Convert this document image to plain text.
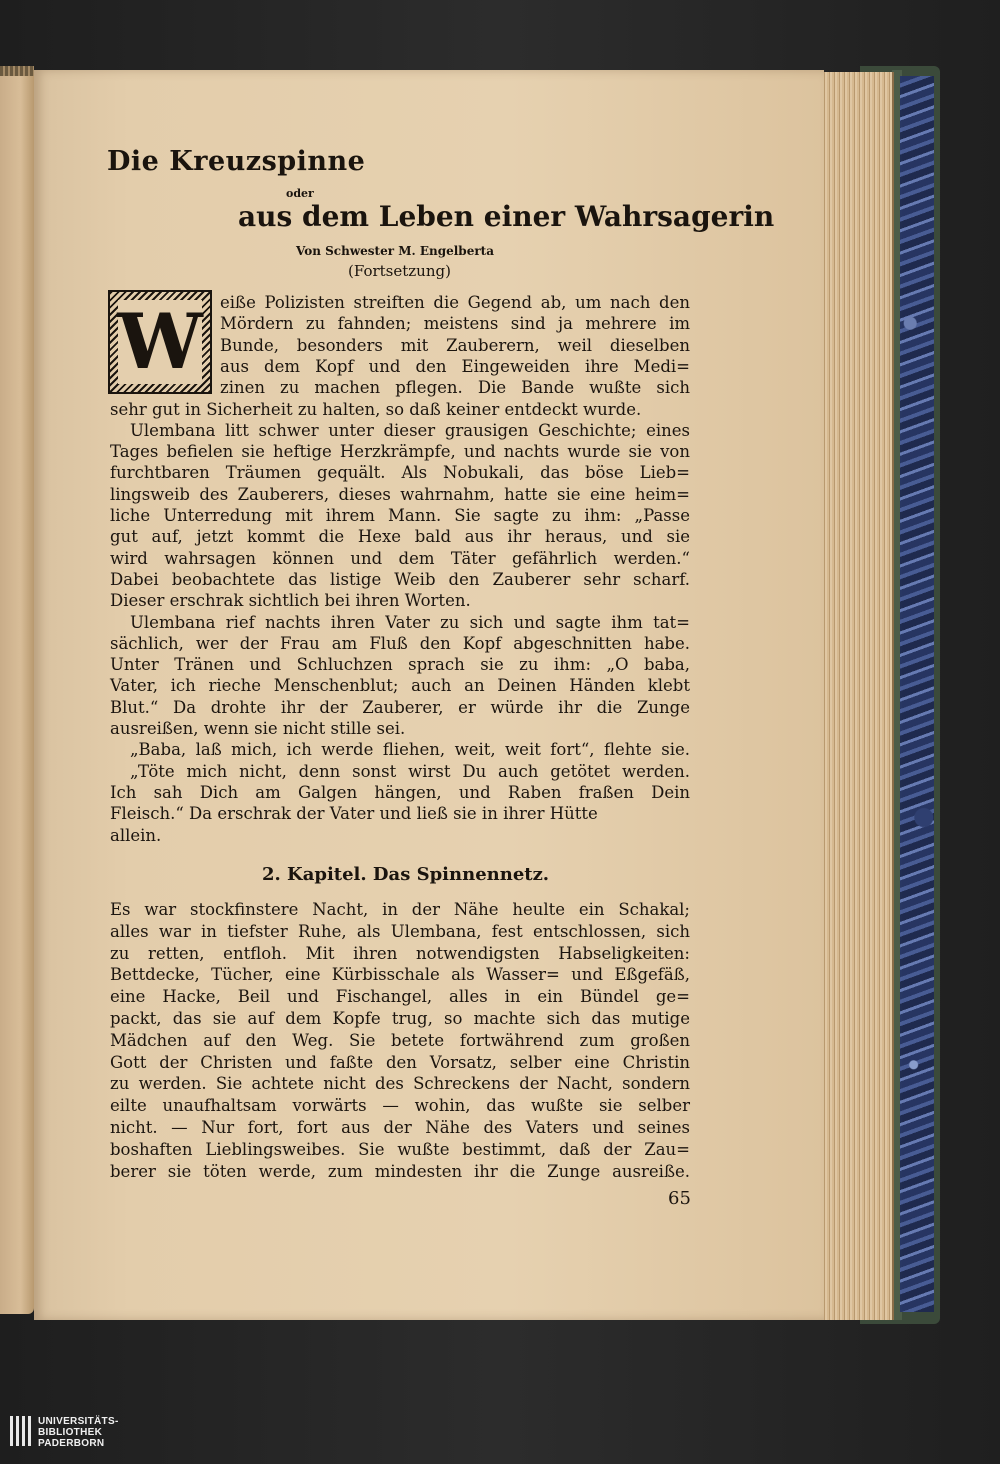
Die Kreuzspinne
oder
aus dem Leben einer Wahrsagerin
Von Schwester M. Engelberta
(Fortsetzung)
W eiße Polizisten streiften die Gegend ab, um nach den
Mördern zu fahnden; meistens sind ja mehrere im
Bunde, besonders mit Zauberern, weil dieselben
aus dem Kopf und den Eingeweiden ihre Medi=
zinen zu machen pflegen. Die Bande wußte sich
sehr gut in Sicherheit zu halten, so daß keiner entdeckt wurde.
Ulembana litt schwer unter dieser grausigen Geschichte; eines
Tages befielen sie heftige Herzkrämpfe, und nachts wurde sie von
furchtbaren Träumen gequält. Als Nobukali, das böse Lieb=
lingsweib des Zauberers, dieses wahrnahm, hatte sie eine heim=
liche Unterredung mit ihrem Mann. Sie sagte zu ihm: „Passe
gut auf, jetzt kommt die Hexe bald aus ihr heraus, und sie
wird wahrsagen können und dem Täter gefährlich werden.“
Dabei beobachtete das listige Weib den Zauberer sehr scharf.
Dieser erschrak sichtlich bei ihren Worten.
Ulembana rief nachts ihren Vater zu sich und sagte ihm tat=
sächlich, wer der Frau am Fluß den Kopf abgeschnitten habe.
Unter Tränen und Schluchzen sprach sie zu ihm: „O baba,
Vater, ich rieche Menschenblut; auch an Deinen Händen klebt
Blut.“ Da drohte ihr der Zauberer, er würde ihr die Zunge
ausreißen, wenn sie nicht stille sei.
„Baba, laß mich, ich werde fliehen, weit, weit fort“, flehte sie.
„Töte mich nicht, denn sonst wirst Du auch getötet werden.
Ich sah Dich am Galgen hängen, und Raben fraßen Dein
Fleisch.“ Da erschrak der Vater und ließ sie in ihrer Hütte
allein.
2. Kapitel. Das Spinnennetz.
Es war stockfinstere Nacht, in der Nähe heulte ein Schakal;
alles war in tiefster Ruhe, als Ulembana, fest entschlossen, sich
zu retten, entfloh. Mit ihren notwendigsten Habseligkeiten:
Bettdecke, Tücher, eine Kürbisschale als Wasser= und Eßgefäß,
eine Hacke, Beil und Fischangel, alles in ein Bündel ge=
packt, das sie auf dem Kopfe trug, so machte sich das mutige
Mädchen auf den Weg. Sie betete fortwährend zum großen
Gott der Christen und faßte den Vorsatz, selber eine Christin
zu werden. Sie achtete nicht des Schreckens der Nacht, sondern
eilte unaufhaltsam vorwärts — wohin, das wußte sie selber
nicht. — Nur fort, fort aus der Nähe des Vaters und seines
boshaften Lieblingsweibes. Sie wußte bestimmt, daß der Zau=
berer sie töten werde, zum mindesten ihr die Zunge ausreiße.
65
UNIVERSITÄTS-
BIBLIOTHEK
PADERBORN
